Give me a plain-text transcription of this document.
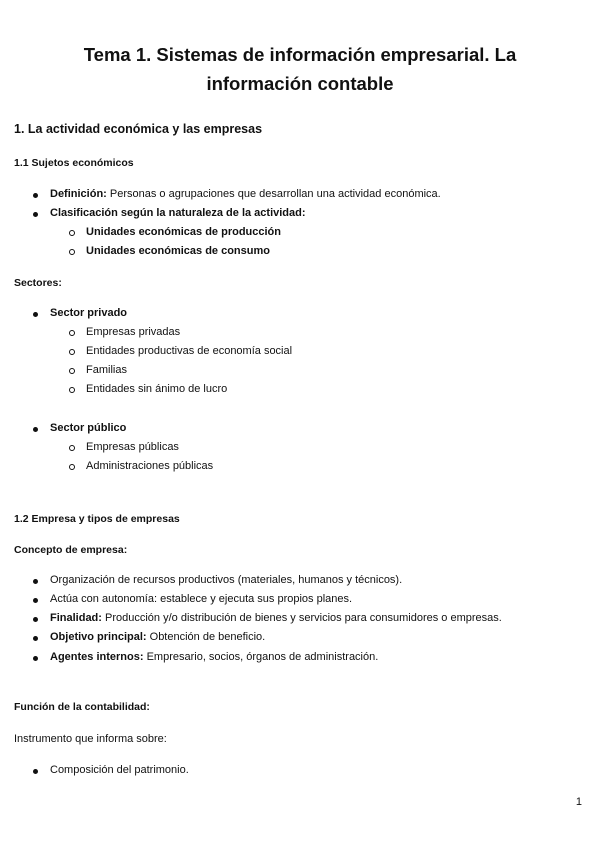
Tema 1. Sistemas de información empresarial. La información contable
1. La actividad económica y las empresas
1.1 Sujetos económicos
Definición: Personas o agrupaciones que desarrollan una actividad económica.
Clasificación según la naturaleza de la actividad:
Unidades económicas de producción
Unidades económicas de consumo
Sectores:
Sector privado
Empresas privadas
Entidades productivas de economía social
Familias
Entidades sin ánimo de lucro
Sector público
Empresas públicas
Administraciones públicas
1.2 Empresa y tipos de empresas
Concepto de empresa:
Organización de recursos productivos (materiales, humanos y técnicos).
Actúa con autonomía: establece y ejecuta sus propios planes.
Finalidad: Producción y/o distribución de bienes y servicios para consumidores o empresas.
Objetivo principal: Obtención de beneficio.
Agentes internos: Empresario, socios, órganos de administración.
Función de la contabilidad:
Instrumento que informa sobre:
Composición del patrimonio.
1
